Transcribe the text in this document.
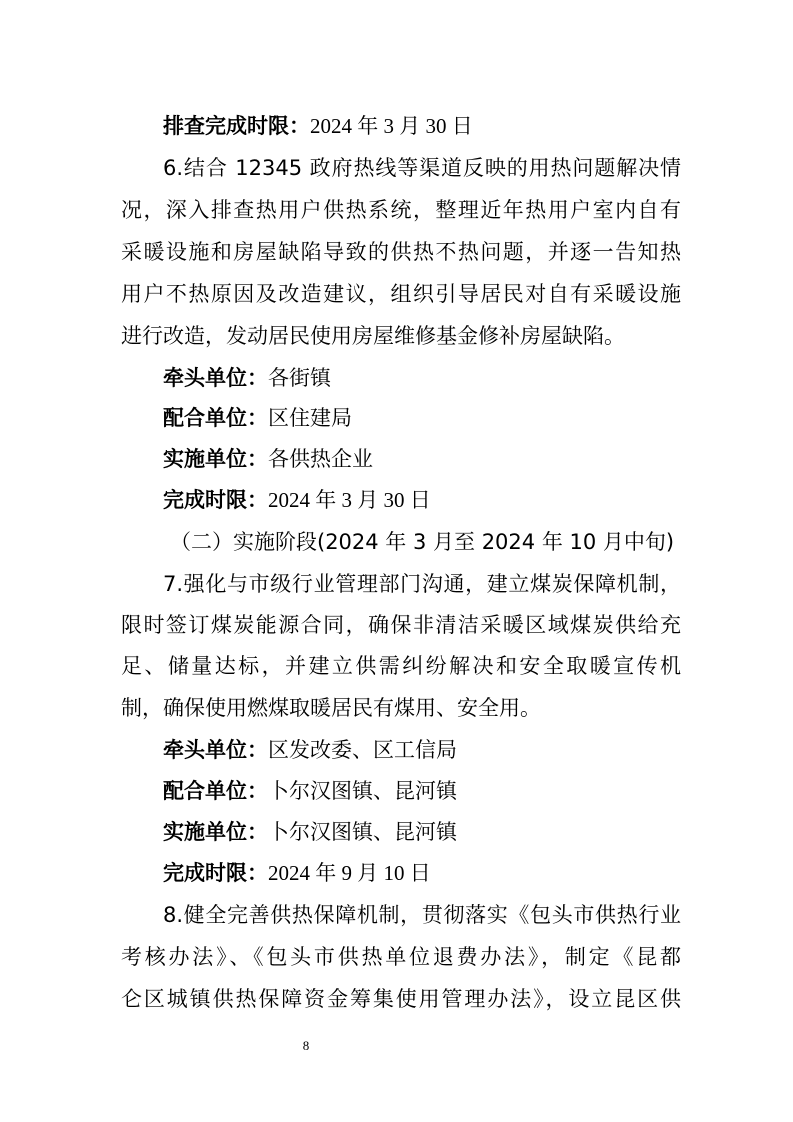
排查完成时限：2024 年 3 月 30 日
6.结合 12345 政府热线等渠道反映的用热问题解决情
况，深入排查热用户供热系统，整理近年热用户室内自有
采暖设施和房屋缺陷导致的供热不热问题，并逐一告知热
用户不热原因及改造建议，组织引导居民对自有采暖设施
进行改造，发动居民使用房屋维修基金修补房屋缺陷。
牵头单位：各街镇
配合单位：区住建局
实施单位：各供热企业
完成时限：2024 年 3 月 30 日
（二）实施阶段(2024 年 3 月至 2024 年 10 月中旬)
7.强化与市级行业管理部门沟通，建立煤炭保障机制，
限时签订煤炭能源合同，确保非清洁采暖区域煤炭供给充
足、储量达标，并建立供需纠纷解决和安全取暖宣传机
制，确保使用燃煤取暖居民有煤用、安全用。
牵头单位：区发改委、区工信局
配合单位：卜尔汉图镇、昆河镇
实施单位：卜尔汉图镇、昆河镇
完成时限：2024 年 9 月 10 日
8.健全完善供热保障机制，贯彻落实《包头市供热行业
考核办法》、《包头市供热单位退费办法》，制定《昆都
仑区城镇供热保障资金筹集使用管理办法》，设立昆区供
8
